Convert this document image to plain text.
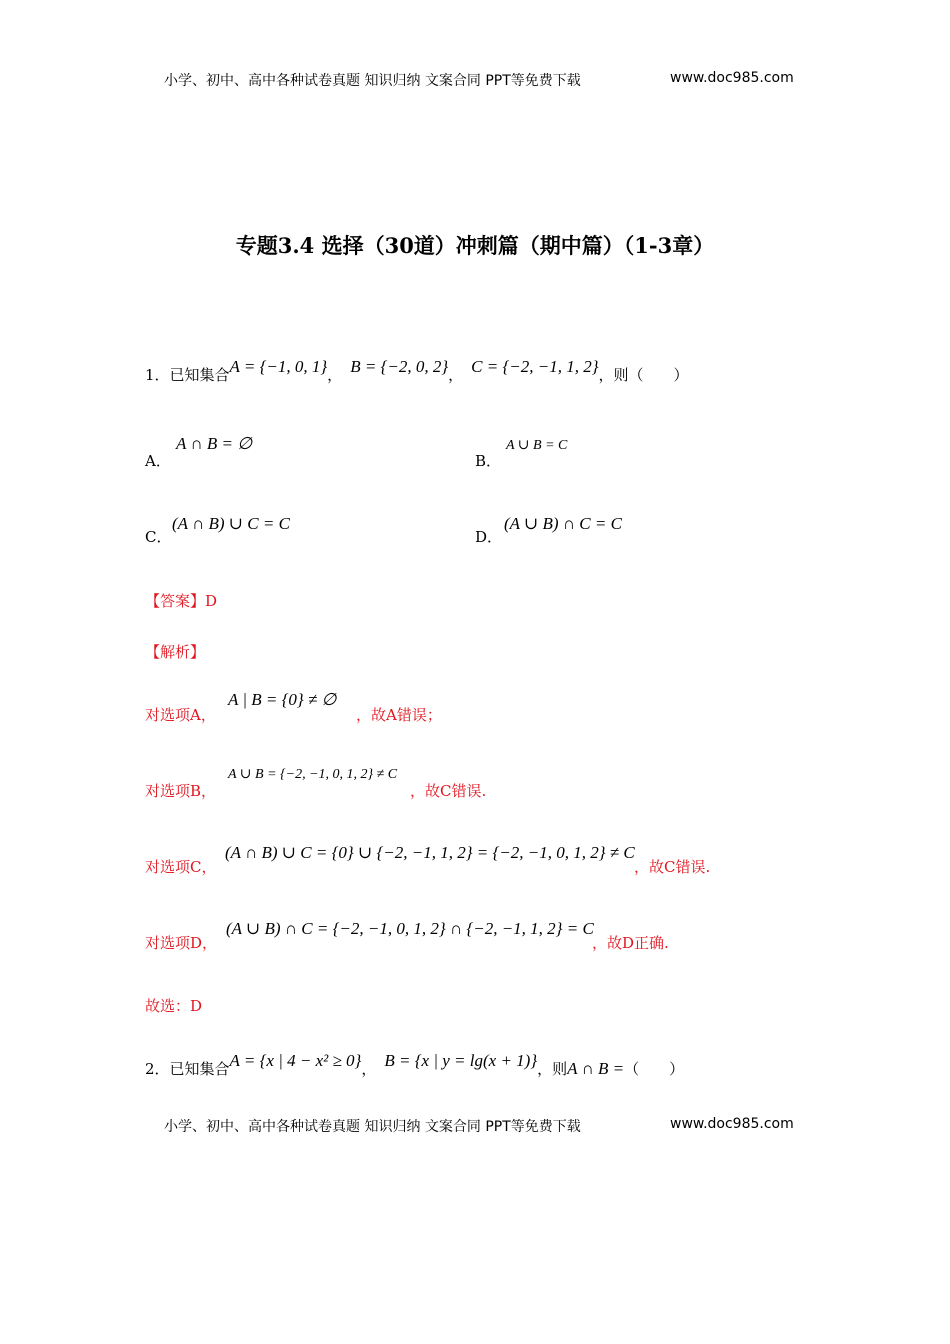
小学、初中、高中各种试卷真题 知识归纳 文案合同 PPT等免费下载	www.doc985.com
专题3.4 选择（30道）冲刺篇（期中篇）（1-3章）
1．已知集合A = {−1, 0, 1}， B = {−2, 0, 2}， C = {−2, −1, 1, 2}，则（　　）
A．
A ∩ B = ∅
B．
A ∪ B = C
C．
(A ∩ B) ∪ C = C
D．
(A ∪ B) ∩ C = C
【答案】D
【解析】
对选项A，
A | B = {0} ≠ ∅
，故A错误；
对选项B，
A ∪ B = {−2, −1, 0, 1, 2} ≠ C
，故C错误.
对选项C，
(A ∩ B) ∪ C = {0} ∪ {−2, −1, 1, 2} = {−2, −1, 0, 1, 2} ≠ C
，故C错误.
对选项D，
(A ∪ B) ∩ C = {−2, −1, 0, 1, 2} ∩ {−2, −1, 1, 2} = C
，故D正确.
故选：D
2．已知集合A = {x | 4 − x² ≥ 0}， B = {x | y = lg(x + 1)}，则A ∩ B =（　　）
小学、初中、高中各种试卷真题 知识归纳 文案合同 PPT等免费下载	www.doc985.com
